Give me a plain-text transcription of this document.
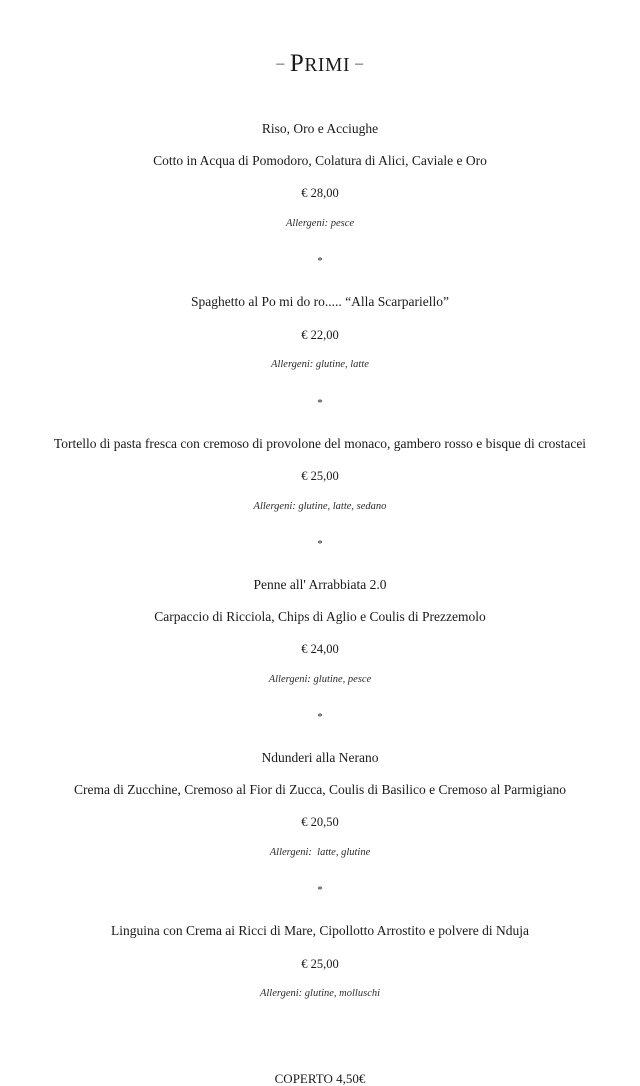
– PRIMI –
Riso, Oro e Acciughe
Cotto in Acqua di Pomodoro, Colatura di Alici, Caviale e Oro
€ 28,00
Allergeni: pesce
*
Spaghetto al Po mi do ro..... “Alla Scarpariello”
€ 22,00
Allergeni: glutine, latte
*
Tortello di pasta fresca con cremoso di provolone del monaco, gambero rosso e bisque di crostacei
€ 25,00
Allergeni: glutine, latte, sedano
*
Penne all' Arrabbiata 2.0
Carpaccio di Ricciola, Chips di Aglio e Coulis di Prezzemolo
€ 24,00
Allergeni: glutine, pesce
*
Ndunderi alla Nerano
Crema di Zucchine, Cremoso al Fior di Zucca, Coulis di Basilico e Cremoso al Parmigiano
€ 20,50
Allergeni:  latte, glutine
*
Linguina con Crema ai Ricci di Mare, Cipollotto Arrostito e polvere di Nduja
€ 25,00
Allergeni: glutine, molluschi
COPERTO 4,50€
